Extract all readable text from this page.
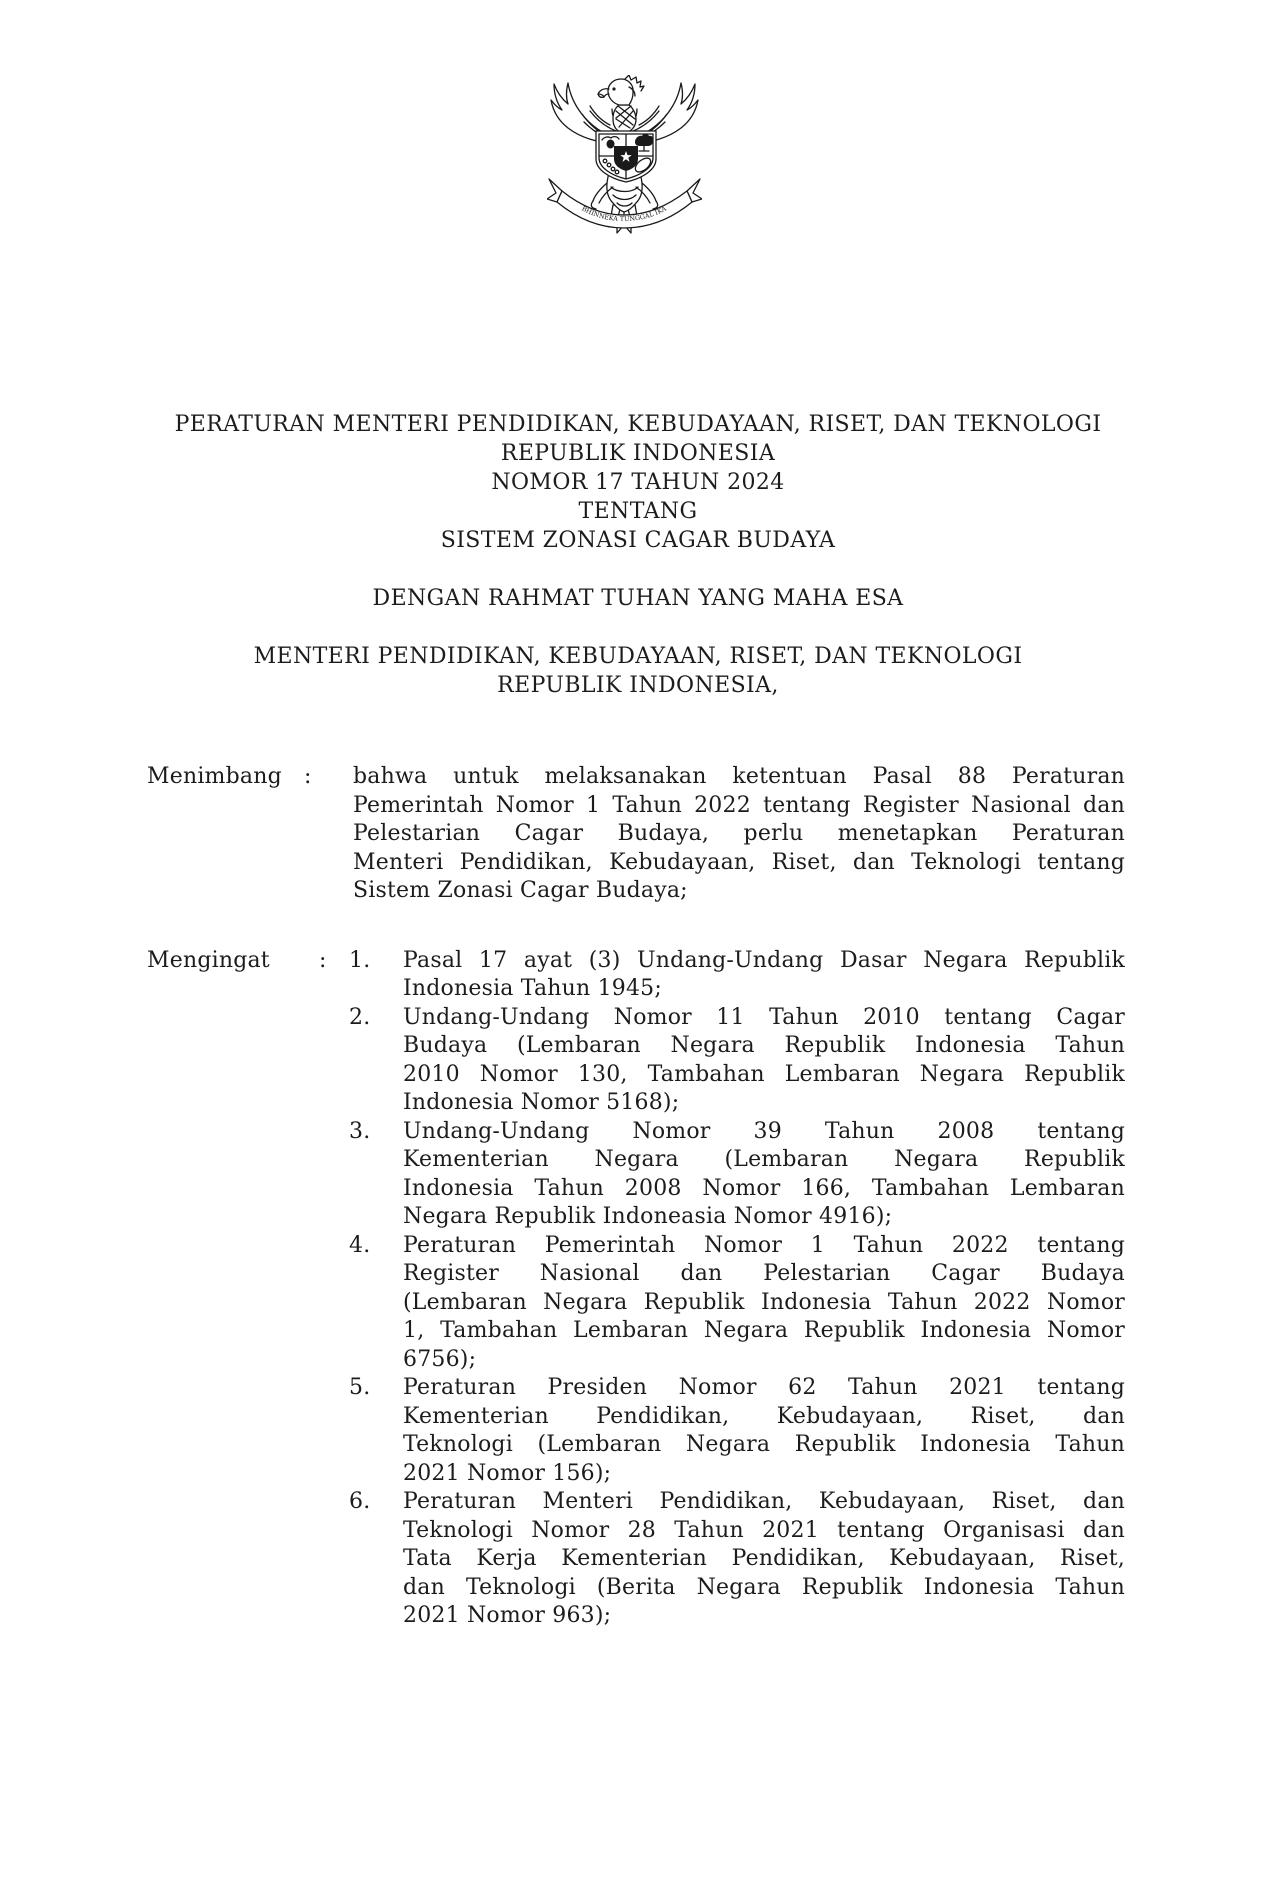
BHINNEKA TUNGGAL IKA
PERATURAN MENTERI PENDIDIKAN, KEBUDAYAAN, RISET, DAN TEKNOLOGI
REPUBLIK INDONESIA
NOMOR 17 TAHUN 2024
TENTANG
SISTEM ZONASI CAGAR BUDAYA
DENGAN RAHMAT TUHAN YANG MAHA ESA
MENTERI PENDIDIKAN, KEBUDAYAAN, RISET, DAN TEKNOLOGI
REPUBLIK INDONESIA,
Menimbang	:	bahwa untuk melaksanakan ketentuan Pasal 88 Peraturan
Pemerintah Nomor 1 Tahun 2022 tentang Register Nasional dan
Pelestarian Cagar Budaya, perlu menetapkan Peraturan
Menteri Pendidikan, Kebudayaan, Riset, dan Teknologi tentang
Sistem Zonasi Cagar Budaya;
Mengingat	:	1.	Pasal 17 ayat (3) Undang-Undang Dasar Negara Republik
Indonesia Tahun 1945;
2.	Undang-Undang Nomor 11 Tahun 2010 tentang Cagar
Budaya (Lembaran Negara Republik Indonesia Tahun
2010 Nomor 130, Tambahan Lembaran Negara Republik
Indonesia Nomor 5168);
3.	Undang-Undang Nomor 39 Tahun 2008 tentang
Kementerian Negara (Lembaran Negara Republik
Indonesia Tahun 2008 Nomor 166, Tambahan Lembaran
Negara Republik Indoneasia Nomor 4916);
4.	Peraturan Pemerintah Nomor 1 Tahun 2022 tentang
Register Nasional dan Pelestarian Cagar Budaya
(Lembaran Negara Republik Indonesia Tahun 2022 Nomor
1, Tambahan Lembaran Negara Republik Indonesia Nomor
6756);
5.	Peraturan Presiden Nomor 62 Tahun 2021 tentang
Kementerian Pendidikan, Kebudayaan, Riset, dan
Teknologi (Lembaran Negara Republik Indonesia Tahun
2021 Nomor 156);
6.	Peraturan Menteri Pendidikan, Kebudayaan, Riset, dan
Teknologi Nomor 28 Tahun 2021 tentang Organisasi dan
Tata Kerja Kementerian Pendidikan, Kebudayaan, Riset,
dan Teknologi (Berita Negara Republik Indonesia Tahun
2021 Nomor 963);
